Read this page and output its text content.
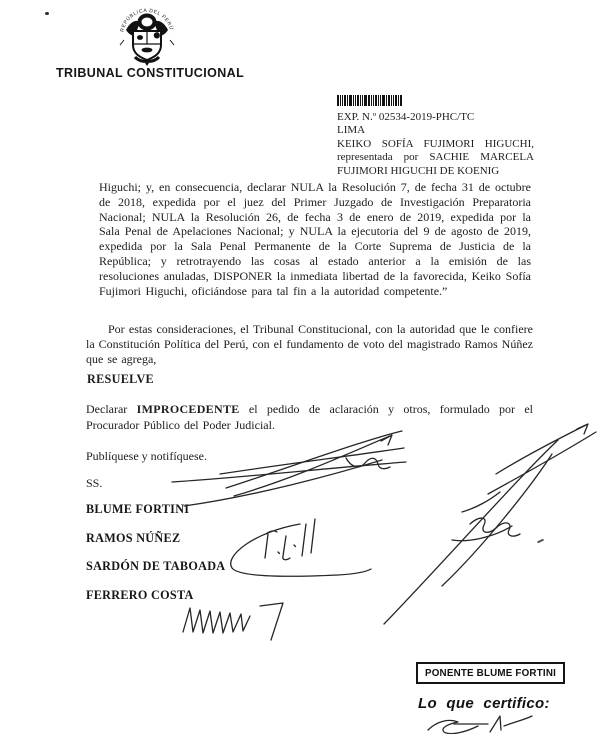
REPÚBLICA DEL PERÚ
TRIBUNAL CONSTITUCIONAL
EXP. N.º 02534-2019-PHC/TC
LIMA
KEIKO SOFÍA FUJIMORI HIGUCHI, representada por SACHIE MARCELA FUJIMORI HIGUCHI DE KOENIG

Higuchi; y, en consecuencia, declarar NULA la Resolución 7, de fecha 31 de octubre de 2018, expedida por el juez del Primer Juzgado de Investigación Preparatoria Nacional; NULA la Resolución 26, de fecha 3 de enero de 2019, expedida por la Sala Penal de Apelaciones Nacional; y NULA la ejecutoria del 9 de agosto de 2019, expedida por la Sala Penal Permanente de la Corte Suprema de Justicia de la República; y retrotrayendo las cosas al estado anterior a la emisión de las resoluciones anuladas, DISPONER la inmediata libertad de la favorecida, Keiko Sofía Fujimori Higuchi, oficiándose para tal fin a la autoridad competente.”

Por estas consideraciones, el Tribunal Constitucional, con la autoridad que le confiere la Constitución Política del Perú, con el fundamento de voto del magistrado Ramos Núñez que se agrega,

RESUELVE

Declarar IMPROCEDENTE el pedido de aclaración y otros, formulado por el Procurador Público del Poder Judicial.

Publíquese y notifíquese.
SS.
BLUME FORTINI
RAMOS NÚÑEZ
SARDÓN DE TABOADA
FERRERO COSTA
PONENTE BLUME FORTINI
Lo que certifico:
